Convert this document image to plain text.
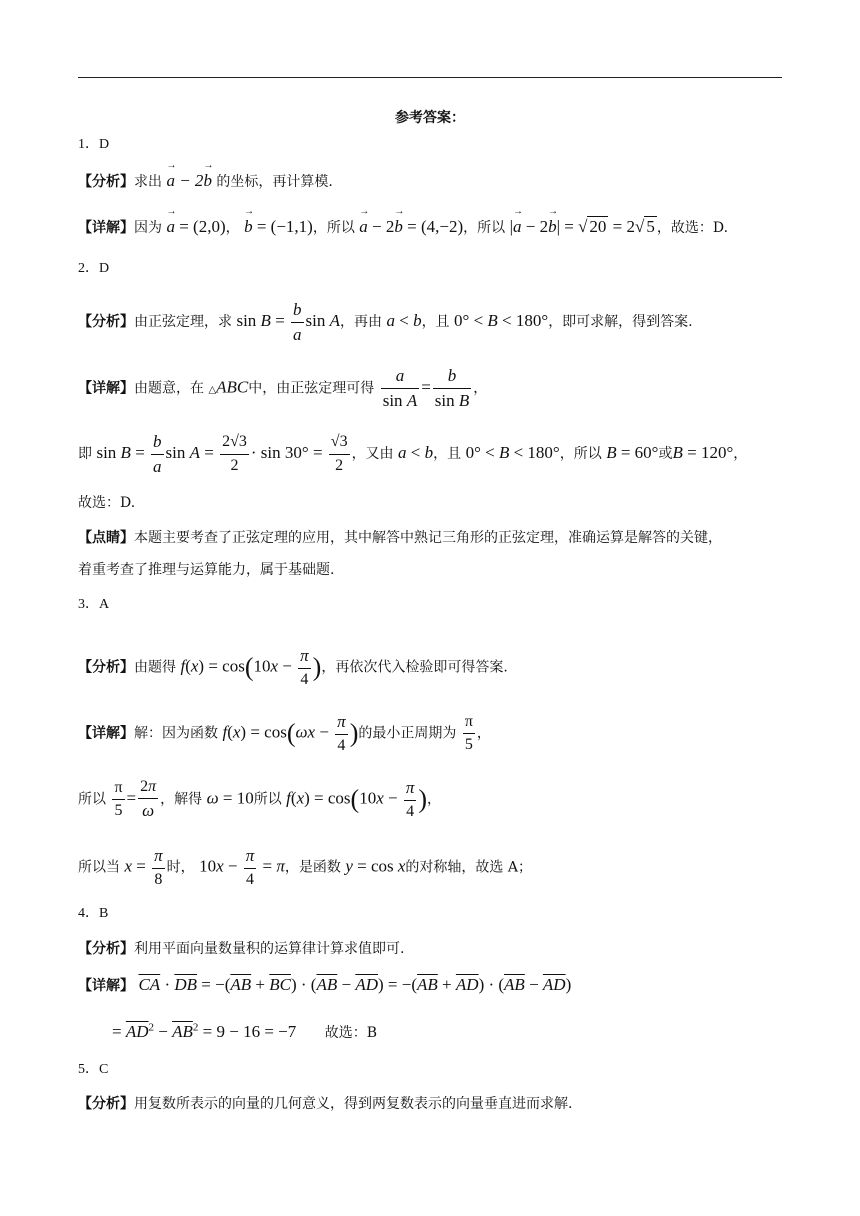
参考答案：
1．D
【分析】求出 → a − 2→ b 的坐标，再计算模.
【详解】因为 → a = (2,0)， → b = (−1,1)，所以 → a − 2→ b = (4,−2)，所以 |→ a − 2→ b| = √ 20 = 2√ 5 ，故选：D.
2．D
【分析】由正弦定理，求 $\sin B = \frac{b}{a}$ sin A，再由 a < b，且 0° < B < 180°，即可求解，得到答案.
【详解】由题意，在 △ABC中，由正弦定理可得 $\frac{a}{\text{sin A}} = \frac{b}{\text{sin B}}$ ，
即 $\sin B = \frac{b}{a}$ $\sin A = \frac{2√3}{2} \cdot \sin 30^\circ = \frac{√3}{2}$ ，又由 a < b，且 0° < B < 180°，所以 B = 60°或B = 120°，
故选：D.
【点睛】本题主要考查了正弦定理的应用，其中解答中熟记三角形的正弦定理，准确运算是解答的关键，
着重考查了推理与运算能力，属于基础题.
3．A
【分析】由题得 $f(x) = \cos(10x - \frac{\pi}{4}$ )，再依次代入检验即可得答案.
【详解】解：因为函数 $f(x) = \cos(\omega x - \frac{\pi}{4}$ )的最小正周期为 $\frac{\pi}{5}$ ，
所以 $\frac{\pi}{5} = \frac{2\pi}{\omega}$ ，解得 ω = 10所以 $f(x) = \cos(10x - \frac{\pi}{4}$ )，
所以当 $x = \frac{\pi}{8}$ 时， $10x - \frac{\pi}{4} = \pi$，是函数 y = cos x的对称轴，故选 A；
4．B
【分析】利用平面向量数量积的运算律计算求值即可.
【详解】 $\overline{CA} \cdot \overline{DB} = -(\overline{AB} + \overline{BC}) \cdot (\overline{AB} - \overline{AD}) = -(\overline{AB} + \overline{AD}) \cdot (\overline{AB} - \overline{AD})$
= $\overline{AD}^2 - \overline{AB}^2 = 9 - 16 = -7$ 故选：B
5．C
【分析】用复数所表示的向量的几何意义，得到两复数表示的向量垂直进而求解.
